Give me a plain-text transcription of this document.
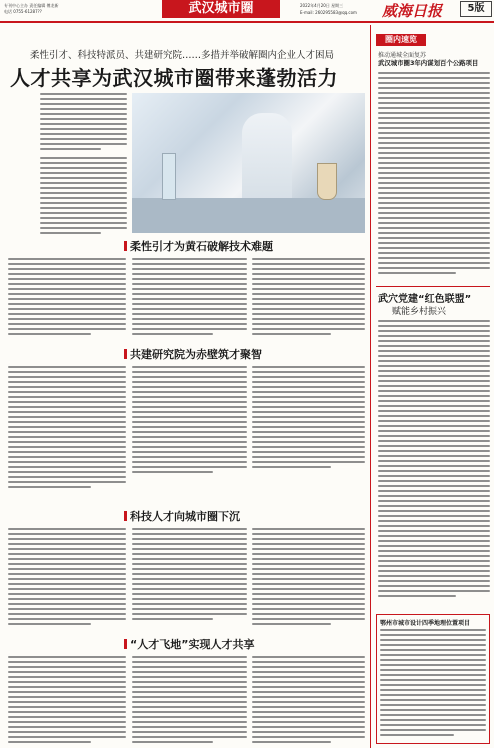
专刊中心主办 责任编辑 傅龙新
电话 0755-61287??	武汉城市圈	2022年4月20日 星期三	威海日报	5版
E-mail: 260295583@qq.com
柔性引才、科技特派员、共建研究院……多措并举破解圈内企业人才困局
人才共享为武汉城市圈带来蓬勃活力
柔性引才为黄石破解技术难题
共建研究院为赤壁筑才聚智
科技人才向城市圈下沉
“人才飞地”实现人才共享
圈内速览
推动通城全面复苏
武汉城市圈3年内谋划百个公路项目
武穴党建“红色联盟”
赋能乡村振兴
鄂州市城市设计四季地理位置项目
